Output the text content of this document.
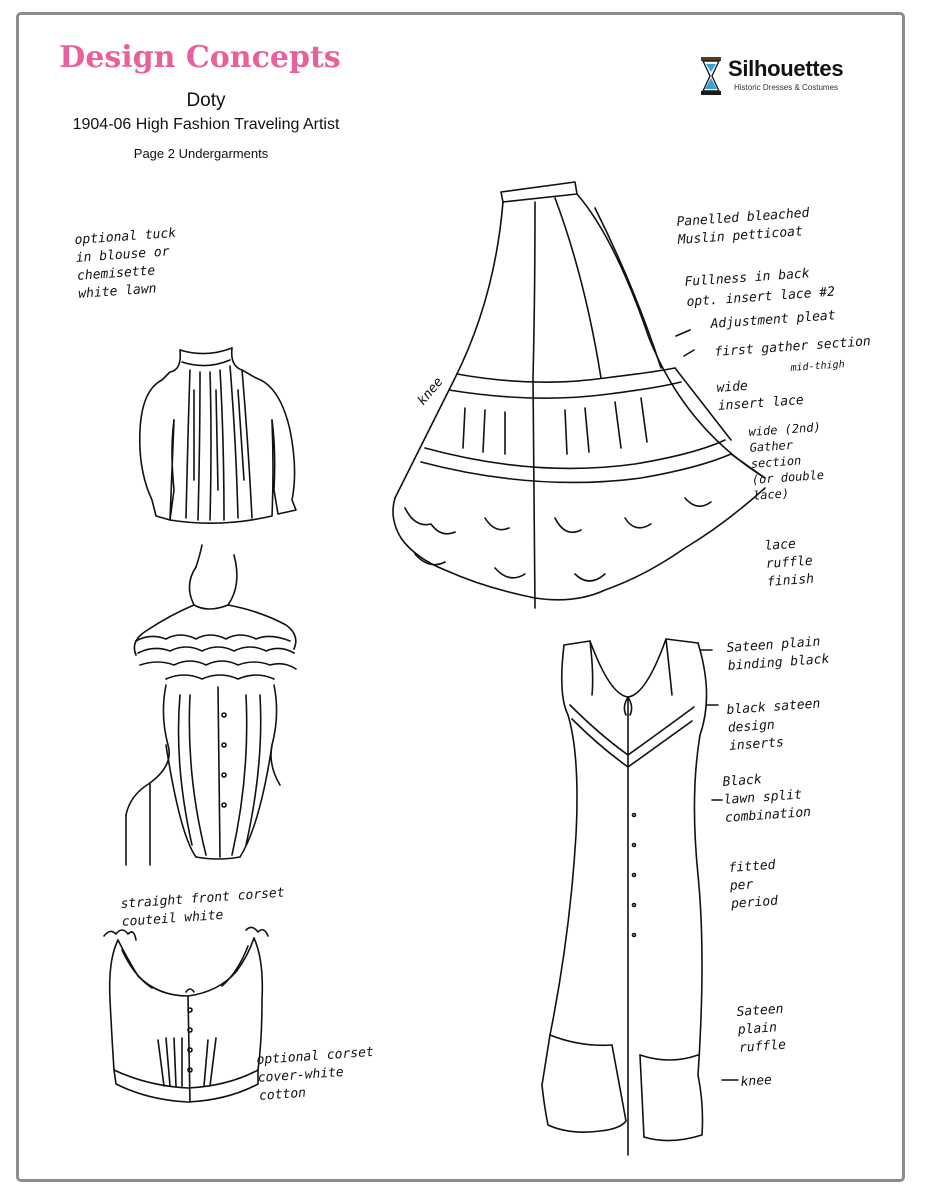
Design Concepts
Doty
1904-06 High Fashion Traveling Artist
Page 2 Undergarments
Silhouettes
Historic Dresses & Costumes
optional tuck
in blouse or
chemisette
white lawn
Panelled bleached
Muslin petticoat
Fullness in back
opt. insert lace #2
Adjustment pleat
first gather section
mid-thigh
wide
insert lace
wide (2nd)
Gather
section
(or double
lace)
knee
lace
ruffle
finish
Sateen plain
binding black
black sateen
design
inserts
Black
lawn split
combination
fitted
per
period
Sateen
plain
ruffle
knee
straight front corset
couteil white
optional corset
cover-white
cotton
